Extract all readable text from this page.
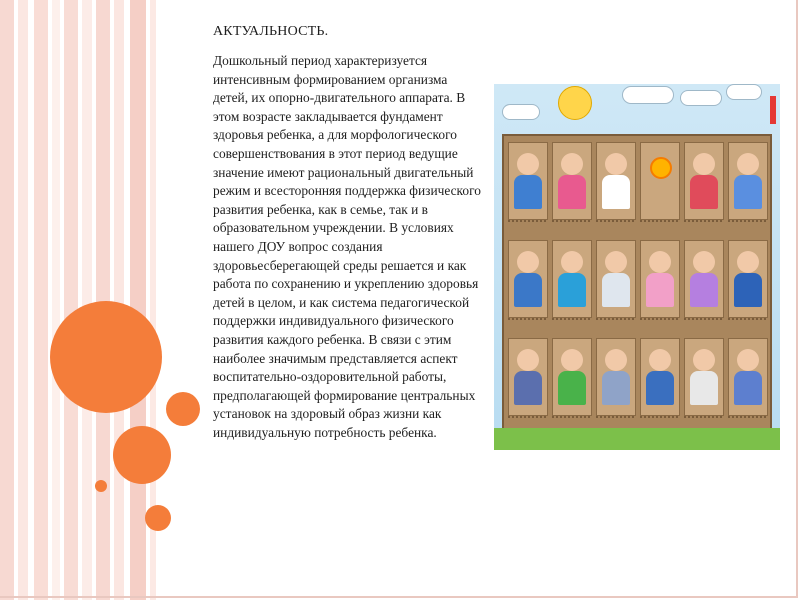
АКТУАЛЬНОСТЬ.
Дошкольный период характеризуется интенсивным формированием организма детей, их опорно-двигательного аппарата. В этом возрасте закладывается фундамент здоровья ребенка, а для морфологического совершенствования в этот период ведущие значение имеют рациональный двигательный режим и всесторонняя поддержка физического развития ребенка, как в семье, так и в образовательном учреждении. В условиях нашего ДОУ вопрос создания здоровьесберегающей среды решается и как работа по сохранению и укреплению здоровья детей в целом, и как система педагогической поддержки индивидуального физического развития каждого ребенка. В связи с этим наиболее значимым представляется аспект воспитательно-оздоровительной работы, предполагающей формирование центральных установок на здоровый образ жизни как индивидуальную потребность ребенка.
